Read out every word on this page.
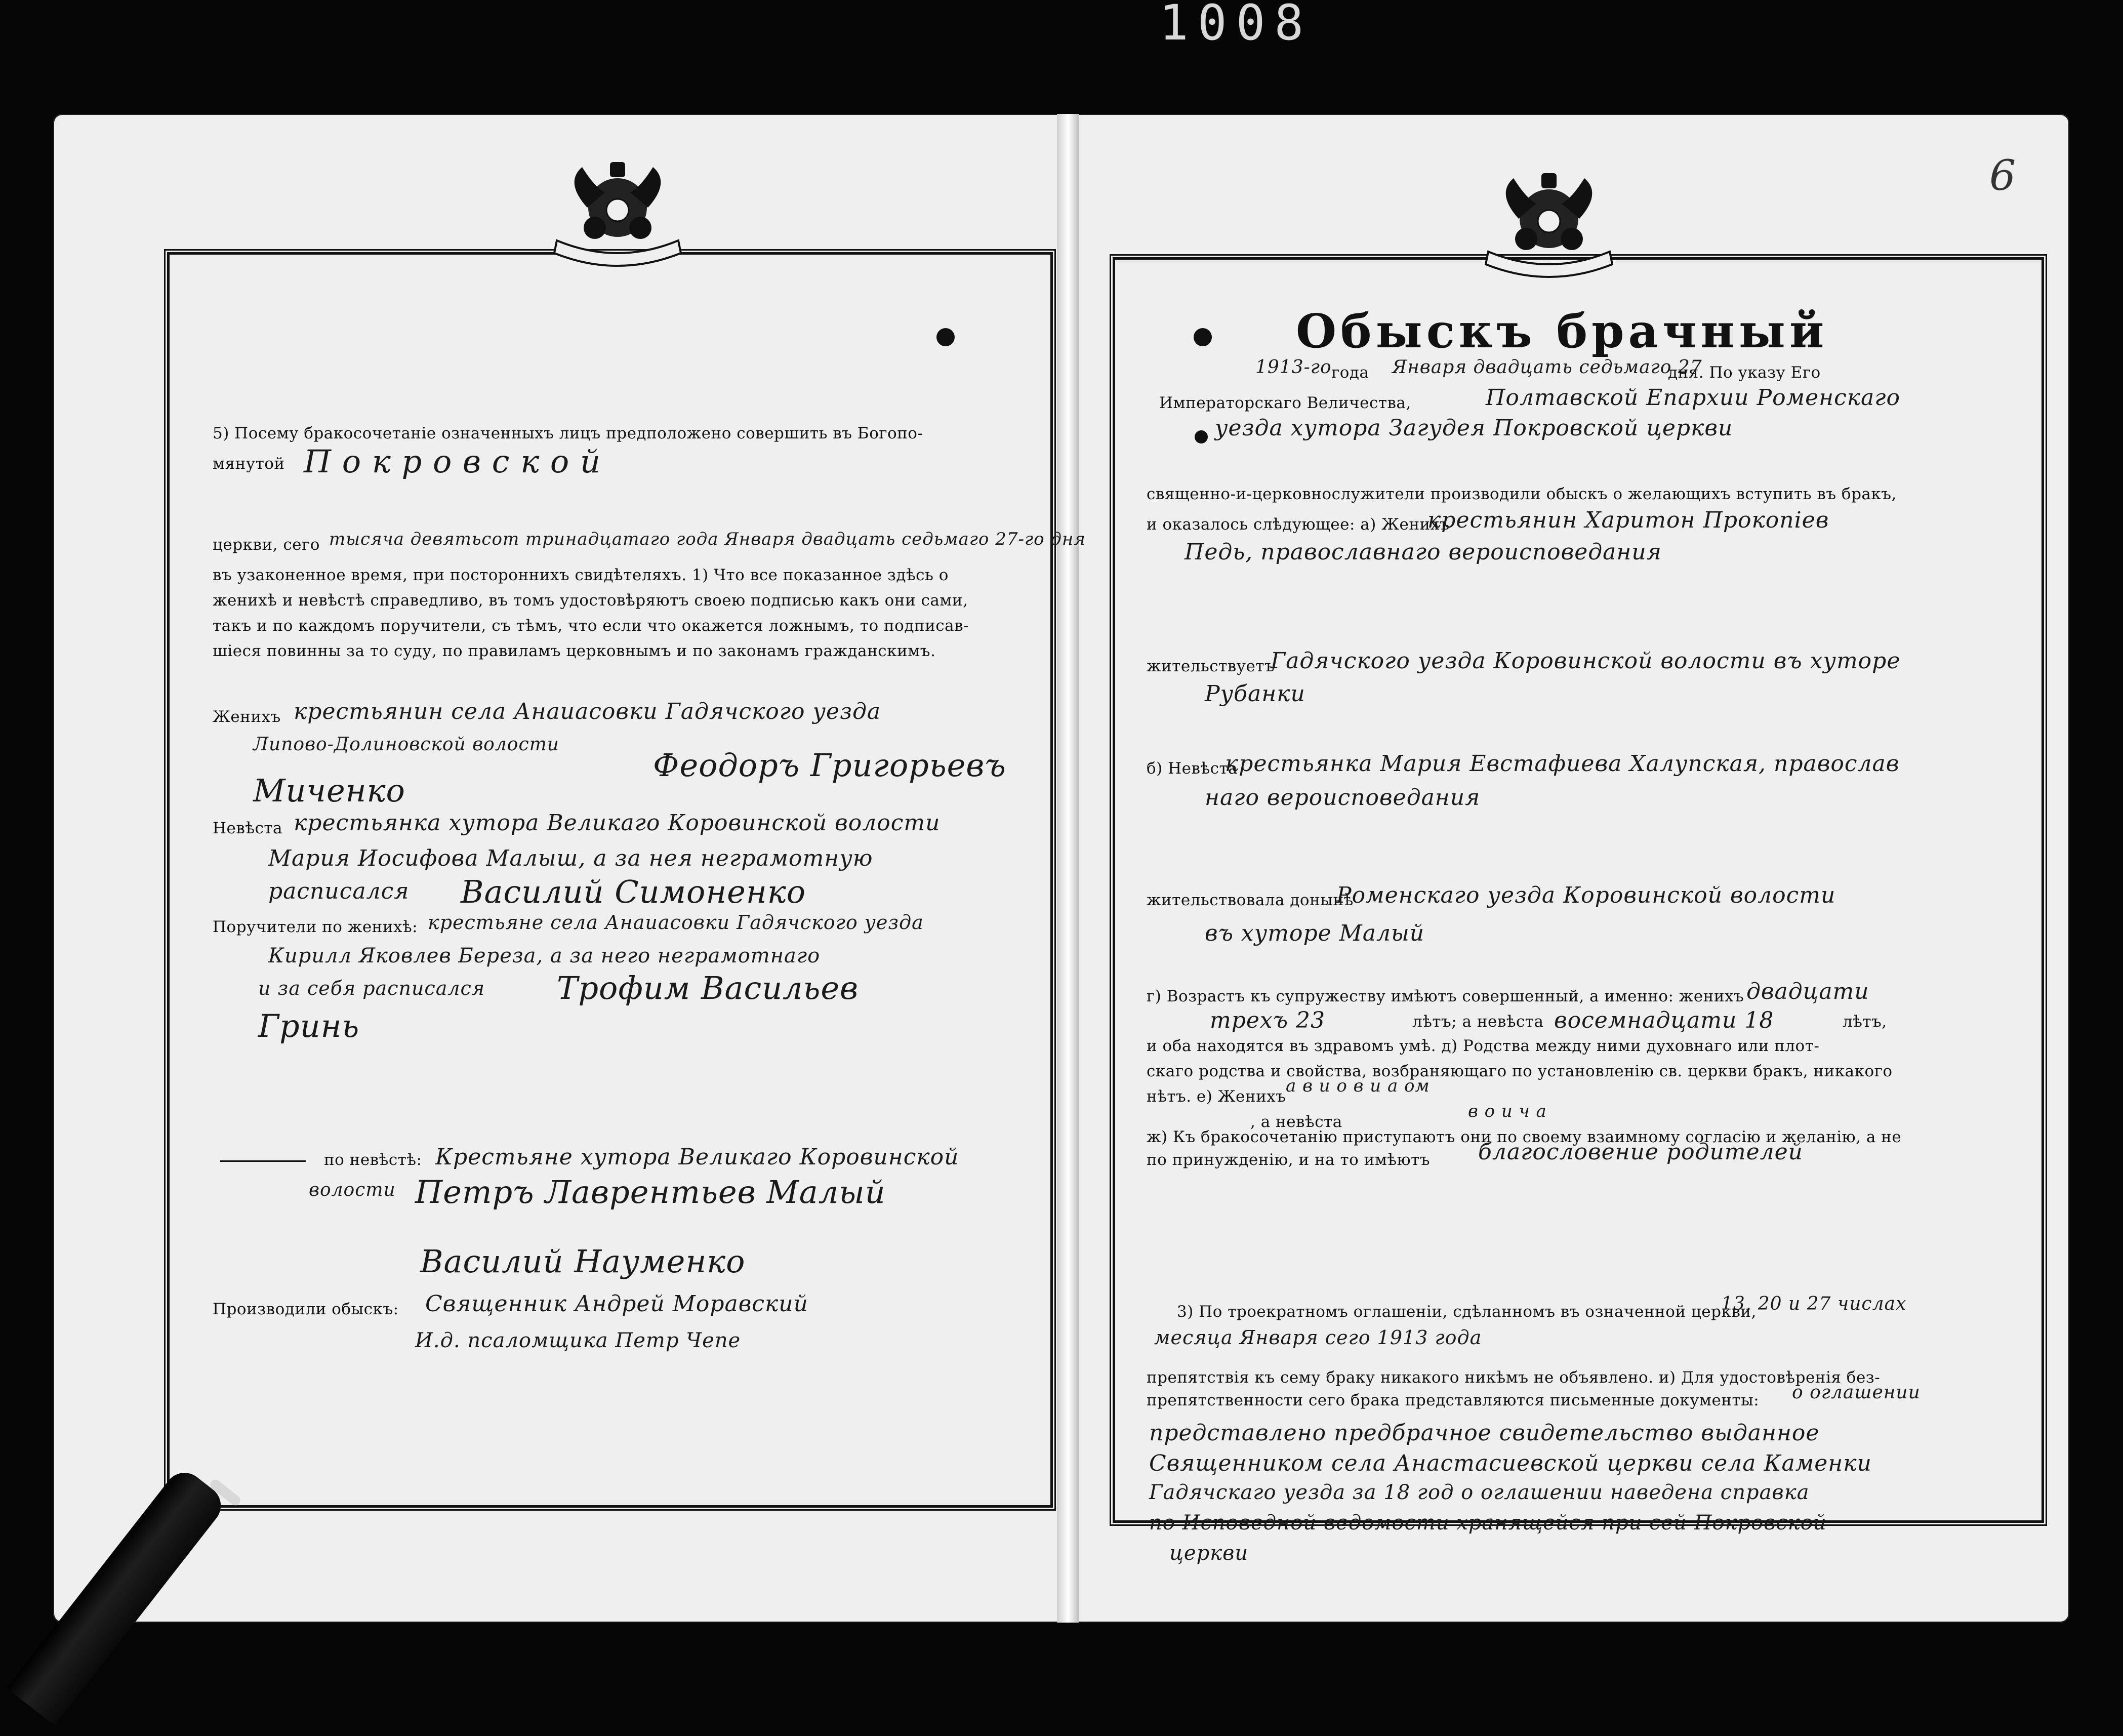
1008
6
Обыскъ брачный
5) Посему бракосочетанiе означенныхъ лицъ предположено совершить въ Богопо-
мянутой П о к р о в с к о й
церкви, сего тысяча девятьсот тринадцатаго года Января двадцать седьмаго 27-го дня
въ узаконенное время, при постороннихъ свидѣтеляхъ. 1) Что все показанное здѣсь о
женихѣ и невѣстѣ справедливо, въ томъ удостовѣряютъ своею подписью какъ они сами,
такъ и по каждомъ поручители, съ тѣмъ, что если что окажется ложнымъ, то подписав-
шiеся повинны за то суду, по правиламъ церковнымъ и по законамъ гражданскимъ.
Женихъ крестьянин села Анаиасовки Гадячского уезда
Липово-Долиновской волости
Феодоръ Григорьевъ
Миченко
Невѣста крестьянка хутора Великаго Коровинской волости
Мария Иосифова Малыш, а за нея неграмотную
расписался Василий Симоненко
Поручители по женихѣ: крестьяне села Анаиасовки Гадячского уезда
Кирилл Яковлев Береза, а за него неграмотнаго
и за себя расписался Трофим Васильев
Гринь
по невѣстѣ: Крестьяне хутора Великаго Коровинской
волости Петръ Лаврентьев Малый
Василий Науменко
Производили обыскъ: Священник Андрей Моравский
И.д. псаломщика Петр Чепе
1913-го года Января двадцать седьмаго 27
дня. По указу Его
Императорскаго Величества,	Полтавской Епархии Роменскаго
уезда хутора Загудея Покровской церкви
священно-и-церковнослужители производили обыскъ о желающихъ вступить въ бракъ,
и оказалось слѣдующее: а) Женихъ
крестьянин Харитон Прокопiев
Педь, православнаго вероисповедания
жительствуетъ
Гадячского уезда Коровинской волости въ хуторе
Рубанки
б) Невѣста
крестьянка Мария Евстафиева Халупская, православ
наго вероисповедания
жительствовала донынѣ
Роменскаго уезда Коровинской волости
въ хуторе Малый
г) Возрастъ къ супружеству имѣютъ совершенный, а именно: женихъ двадцати
трехъ 23	лѣтъ; а невѣста восемнадцати 18	лѣтъ,
и оба находятся въ здравомъ умѣ. д) Родства между ними духовнаго или плот-
скаго родства и свойства, возбраняющаго по установленiю св. церкви бракъ, никакого
нѣтъ. е) Женихъ
а в и о в и а ом
, а невѣста
в о и ч а
ж) Къ бракосочетанiю приступаютъ они по своему взаимному согласiю и желанiю, а не
по принужденiю, и на то имѣютъ благословение родителей
3) По троекратномъ оглашенiи, сдѣланномъ въ означенной церкви,
13, 20 и 27 числах
месяца Января сего 1913 года
препятствiя къ сему браку никакого никѣмъ не объявлено. и) Для удостовѣренiя без-
препятственности сего брака представляются письменные документы: о оглашении
представлено предбрачное свидетельство выданное
Священником села Анастасиевской церкви села Каменки
Гадячскаго уезда за 18 год о оглашении наведена справка
по Исповедной ведомости хранящейся при сей Покровской
церкви
